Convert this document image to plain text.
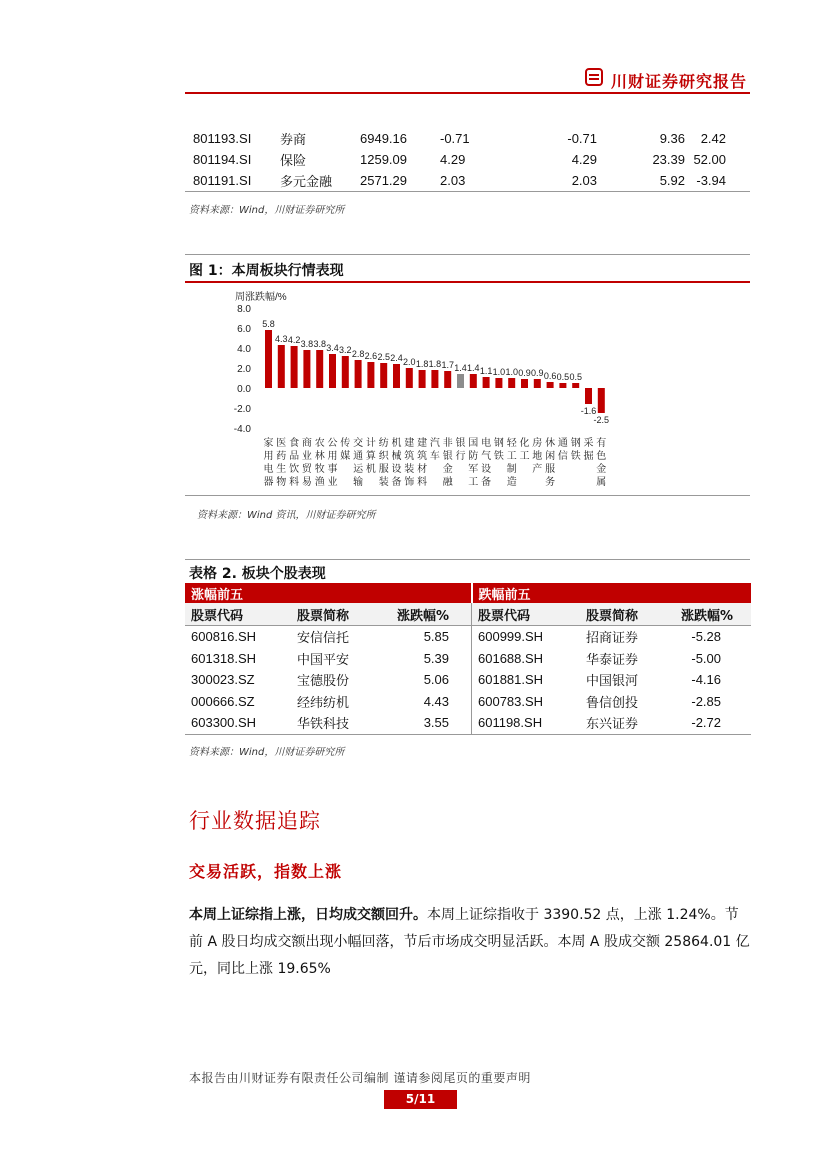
川财证券研究报告
801193.SI	券商	6949.16	-0.71	-0.71	9.36	2.42
801194.SI	保险	1259.09	4.29	4.29	23.39	52.00
801191.SI	多元金融	2571.29	2.03	2.03	5.92	-3.94
资料来源：Wind，川财证券研究所
图 1：本周板块行情表现
周涨跌幅/%
8.0
6.0
4.0
2.0
0.0
-2.0
-4.0
5.8
4.3 4.2 3.8 3.8 3.4 3.2 2.8 2.6 2.5 2.4 2.0 1.8 1.8 1.7 1.4 1.4 1.1 1.0 1.0 0.9 0.9 0.6 0.5 0.5
-1.6
-2.5
家用电器
医药生物
食品饮料
商业贸易
农林牧渔
公用事业
传媒
交通运输
计算机
纺织服装
机械设备
建筑装饰
建筑材料
汽车
非银金融
银行
国防军工
电气设备
钢铁
轻工制造
化工
房地产
休闲服务
通信
钢铁
采掘
有色金属
资料来源：Wind 资讯，川财证券研究所
表格 2. 板块个股表现
涨幅前五			跌幅前五		
股票代码	股票简称	涨跌幅%	股票代码	股票简称	涨跌幅%
600816.SH	安信信托	5.85	600999.SH	招商证券	-5.28
601318.SH	中国平安	5.39	601688.SH	华泰证券	-5.00
300023.SZ	宝德股份	5.06	601881.SH	中国银河	-4.16
000666.SZ	经纬纺机	4.43	600783.SH	鲁信创投	-2.85
603300.SH	华铁科技	3.55	601198.SH	东兴证券	-2.72
资料来源：Wind，川财证券研究所
行业数据追踪
交易活跃，指数上涨
本周上证综指上涨，日均成交额回升。本周上证综指收于 3390.52 点，上涨 1.24%。节前 A 股日均成交额出现小幅回落，节后市场成交明显活跃。本周 A 股成交额 25864.01 亿元，同比上涨 19.65%
本报告由川财证券有限责任公司编制 谨请参阅尾页的重要声明
5/11
